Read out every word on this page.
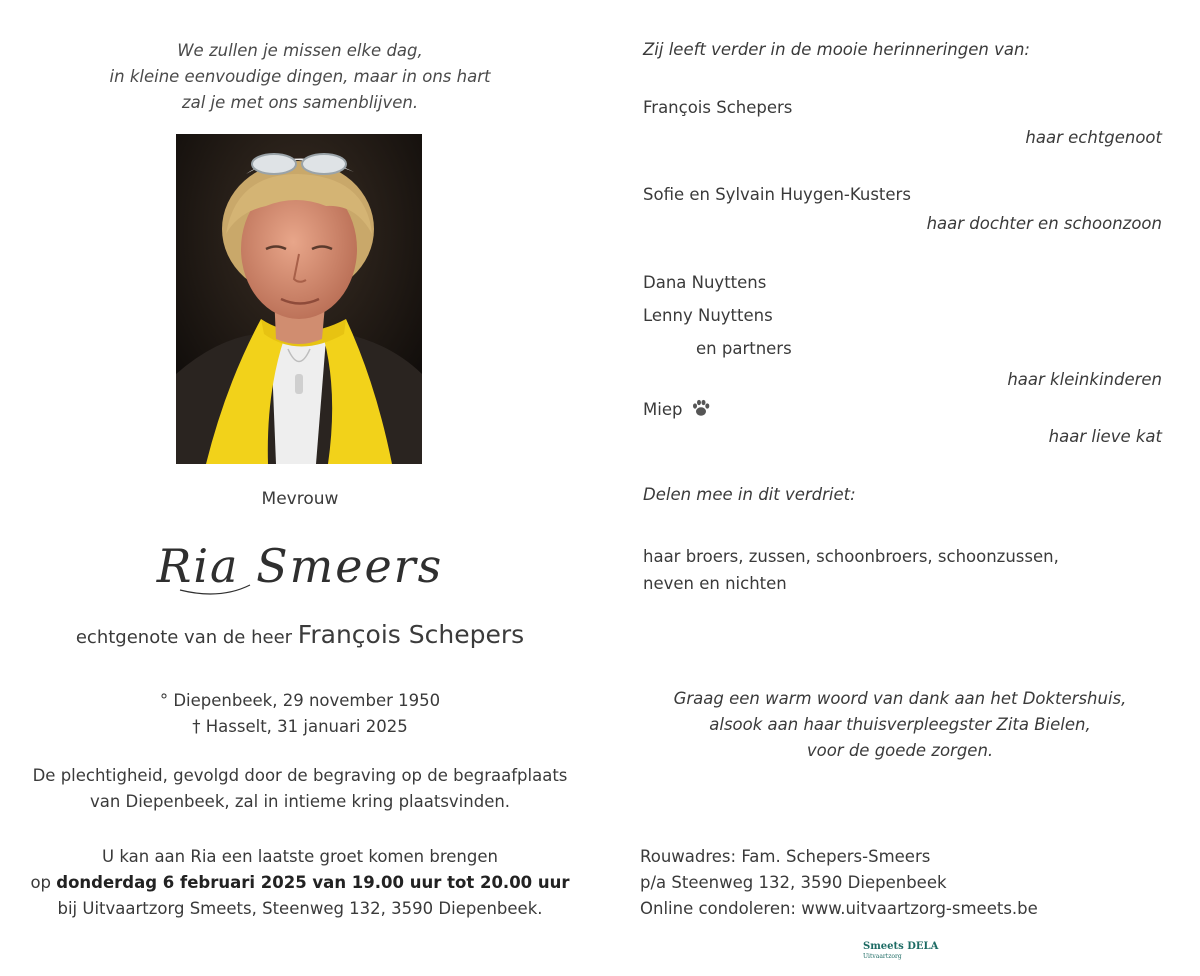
We zullen je missen elke dag,
in kleine eenvoudige dingen, maar in ons hart
zal je met ons samenblijven.
Mevrouw
Ria Smeers
echtgenote van de heer François Schepers
° Diepenbeek, 29 november 1950
† Hasselt, 31 januari 2025
De plechtigheid, gevolgd door de begraving op de begraafplaats
van Diepenbeek, zal in intieme kring plaatsvinden.
U kan aan Ria een laatste groet komen brengen
op donderdag 6 februari 2025 van 19.00 uur tot 20.00 uur
bij Uitvaartzorg Smeets, Steenweg 132, 3590 Diepenbeek.
Zij leeft verder in de mooie herinneringen van:
François Schepers
haar echtgenoot
Sofie en Sylvain Huygen-Kusters
haar dochter en schoonzoon
Dana Nuyttens
Lenny Nuyttens
en partners
haar kleinkinderen
Miep
haar lieve kat
Delen mee in dit verdriet:
haar broers, zussen, schoonbroers, schoonzussen,
neven en nichten
Graag een warm woord van dank aan het Doktershuis,
alsook aan haar thuisverpleegster Zita Bielen,
voor de goede zorgen.
Rouwadres: Fam. Schepers-Smeers
p/a Steenweg 132, 3590 Diepenbeek
Online condoleren: www.uitvaartzorg-smeets.be
Smeets DELA
Uitvaartzorg
